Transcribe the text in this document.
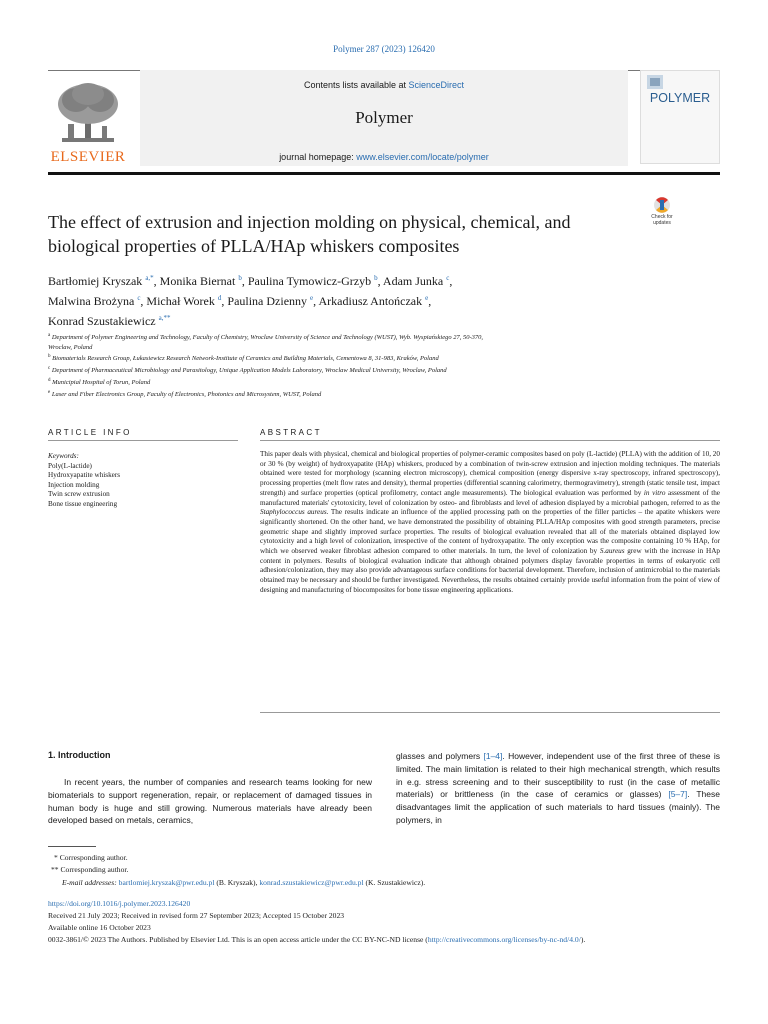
Polymer 287 (2023) 126420
ELSEVIER
Contents lists available at ScienceDirect
Polymer
journal homepage: www.elsevier.com/locate/polymer
POLYMER
The effect of extrusion and injection molding on physical, chemical, and
biological properties of PLLA/HAp whiskers composites
Check for
updates
Bartłomiej Kryszak $^{a,*}$, Monika Biernat $^b$, Paulina Tymowicz-Grzyb $^b$, Adam Junka $^c$,
Malwina Brożyna $^c$, Michał Worek $^d$, Paulina Dzienny $^e$, Arkadiusz Antończak $^e$,
Konrad Szustakiewicz $^{a,**}$
$^a$ Department of Polymer Engineering and Technology, Faculty of Chemistry, Wroclaw University of Science and Technology (WUST), Wyb. Wyspiańskiego 27, 50-370,
Wroclaw, Poland
$^b$ Biomaterials Research Group, Łukasiewicz Research Network-Institute of Ceramics and Building Materials, Cementowa 8, 31-983, Kraków, Poland
$^c$ Department of Pharmaceutical Microbiology and Parasitology, Unique Application Models Laboratory, Wroclaw Medical University, Wroclaw, Poland
$^d$ Municipial Hospital of Torun, Poland
$^e$ Laser and Fiber Electronics Group, Faculty of Electronics, Photonics and Microsystem, WUST, Poland
ARTICLE INFO	ABSTRACT
Keywords:
Poly(L-lactide)
Hydroxyapatite whiskers
Injection molding
Twin screw extrusion
Bone tissue engineering
This paper deals with physical, chemical and biological properties of polymer-ceramic composites based on poly (L-lactide) (PLLA) with the addition of 10, 20 or 30 % (by weight) of hydroxyapatite (HAp) whiskers, produced by a combination of twin-screw extrusion and injection molding techniques. The materials obtained were tested for morphology (scanning electron microscopy), chemical composition (energy dispersive x-ray spectroscopy, infrared spectroscopy), processing properties (melt flow rates and density), thermal properties (differential scanning calorimetry, thermogravimetry), strength (static tensile test, impact strength) and surface properties (optical profilometry, contact angle measurements). The biological evaluation was performed by in vitro assessment of the manufactured materials' cytotoxicity, level of colonization by osteo- and fibroblasts and level of adhesion displayed by a microbial pathogen, referred to as the Staphylococcus aureus. The results indicate an influence of the applied processing path on the properties of the filler particles – the apatite whiskers were significantly shortened. On the other hand, we have demonstrated the possibility of obtaining PLLA/HAp composites with good strength parameters, precise geometric shape and slightly improved surface properties. The results of biological evaluation revealed that all of the materials obtained displayed low cytotoxicity and a high level of colonization, irrespective of the content of hydroxyapatite. The only exception was the composite containing 10 % HAp, for which we observed weaker fibroblast adhesion compared to other materials. In turn, the level of colonization by S.aureus grew with the increase in HAp content in polymers. Results of biological evaluation indicate that although obtained polymers display favorable properties in terms of eukaryotic cell adhesion/colonization, they may also provide advantageous surface conditions for bacterial development. Therefore, inclusion of antimicrobial to the materials obtained may be necessary and should be further investigated. Nevertheless, the results obtained certainly provide useful information from the point of view of designing and manufacturing of biocomposites for bone tissue engineering applications.
1. Introduction
In recent years, the number of companies and research teams looking for new biomaterials to support regeneration, repair, or replacement of damaged tissues in human body is huge and still growing. Numerous materials have already been developed based on metals, ceramics,
glasses and polymers [1–4]. However, independent use of the first three of these is limited. The main limitation is related to their high mechanical strength, which results in e.g. stress screening and to their susceptibility to rust (in the case of metallic materials) or brittleness (in the case of ceramics or glasses) [5–7]. These disadvantages limit the application of such materials to hard tissues (mainly). The polymers, in
* Corresponding author.
** Corresponding author.
E-mail addresses: bartlomiej.kryszak@pwr.edu.pl (B. Kryszak), konrad.szustakiewicz@pwr.edu.pl (K. Szustakiewicz).
https://doi.org/10.1016/j.polymer.2023.126420
Received 21 July 2023; Received in revised form 27 September 2023; Accepted 15 October 2023
Available online 16 October 2023
0032-3861/© 2023 The Authors. Published by Elsevier Ltd. This is an open access article under the CC BY-NC-ND license (http://creativecommons.org/licenses/by-nc-nd/4.0/).
